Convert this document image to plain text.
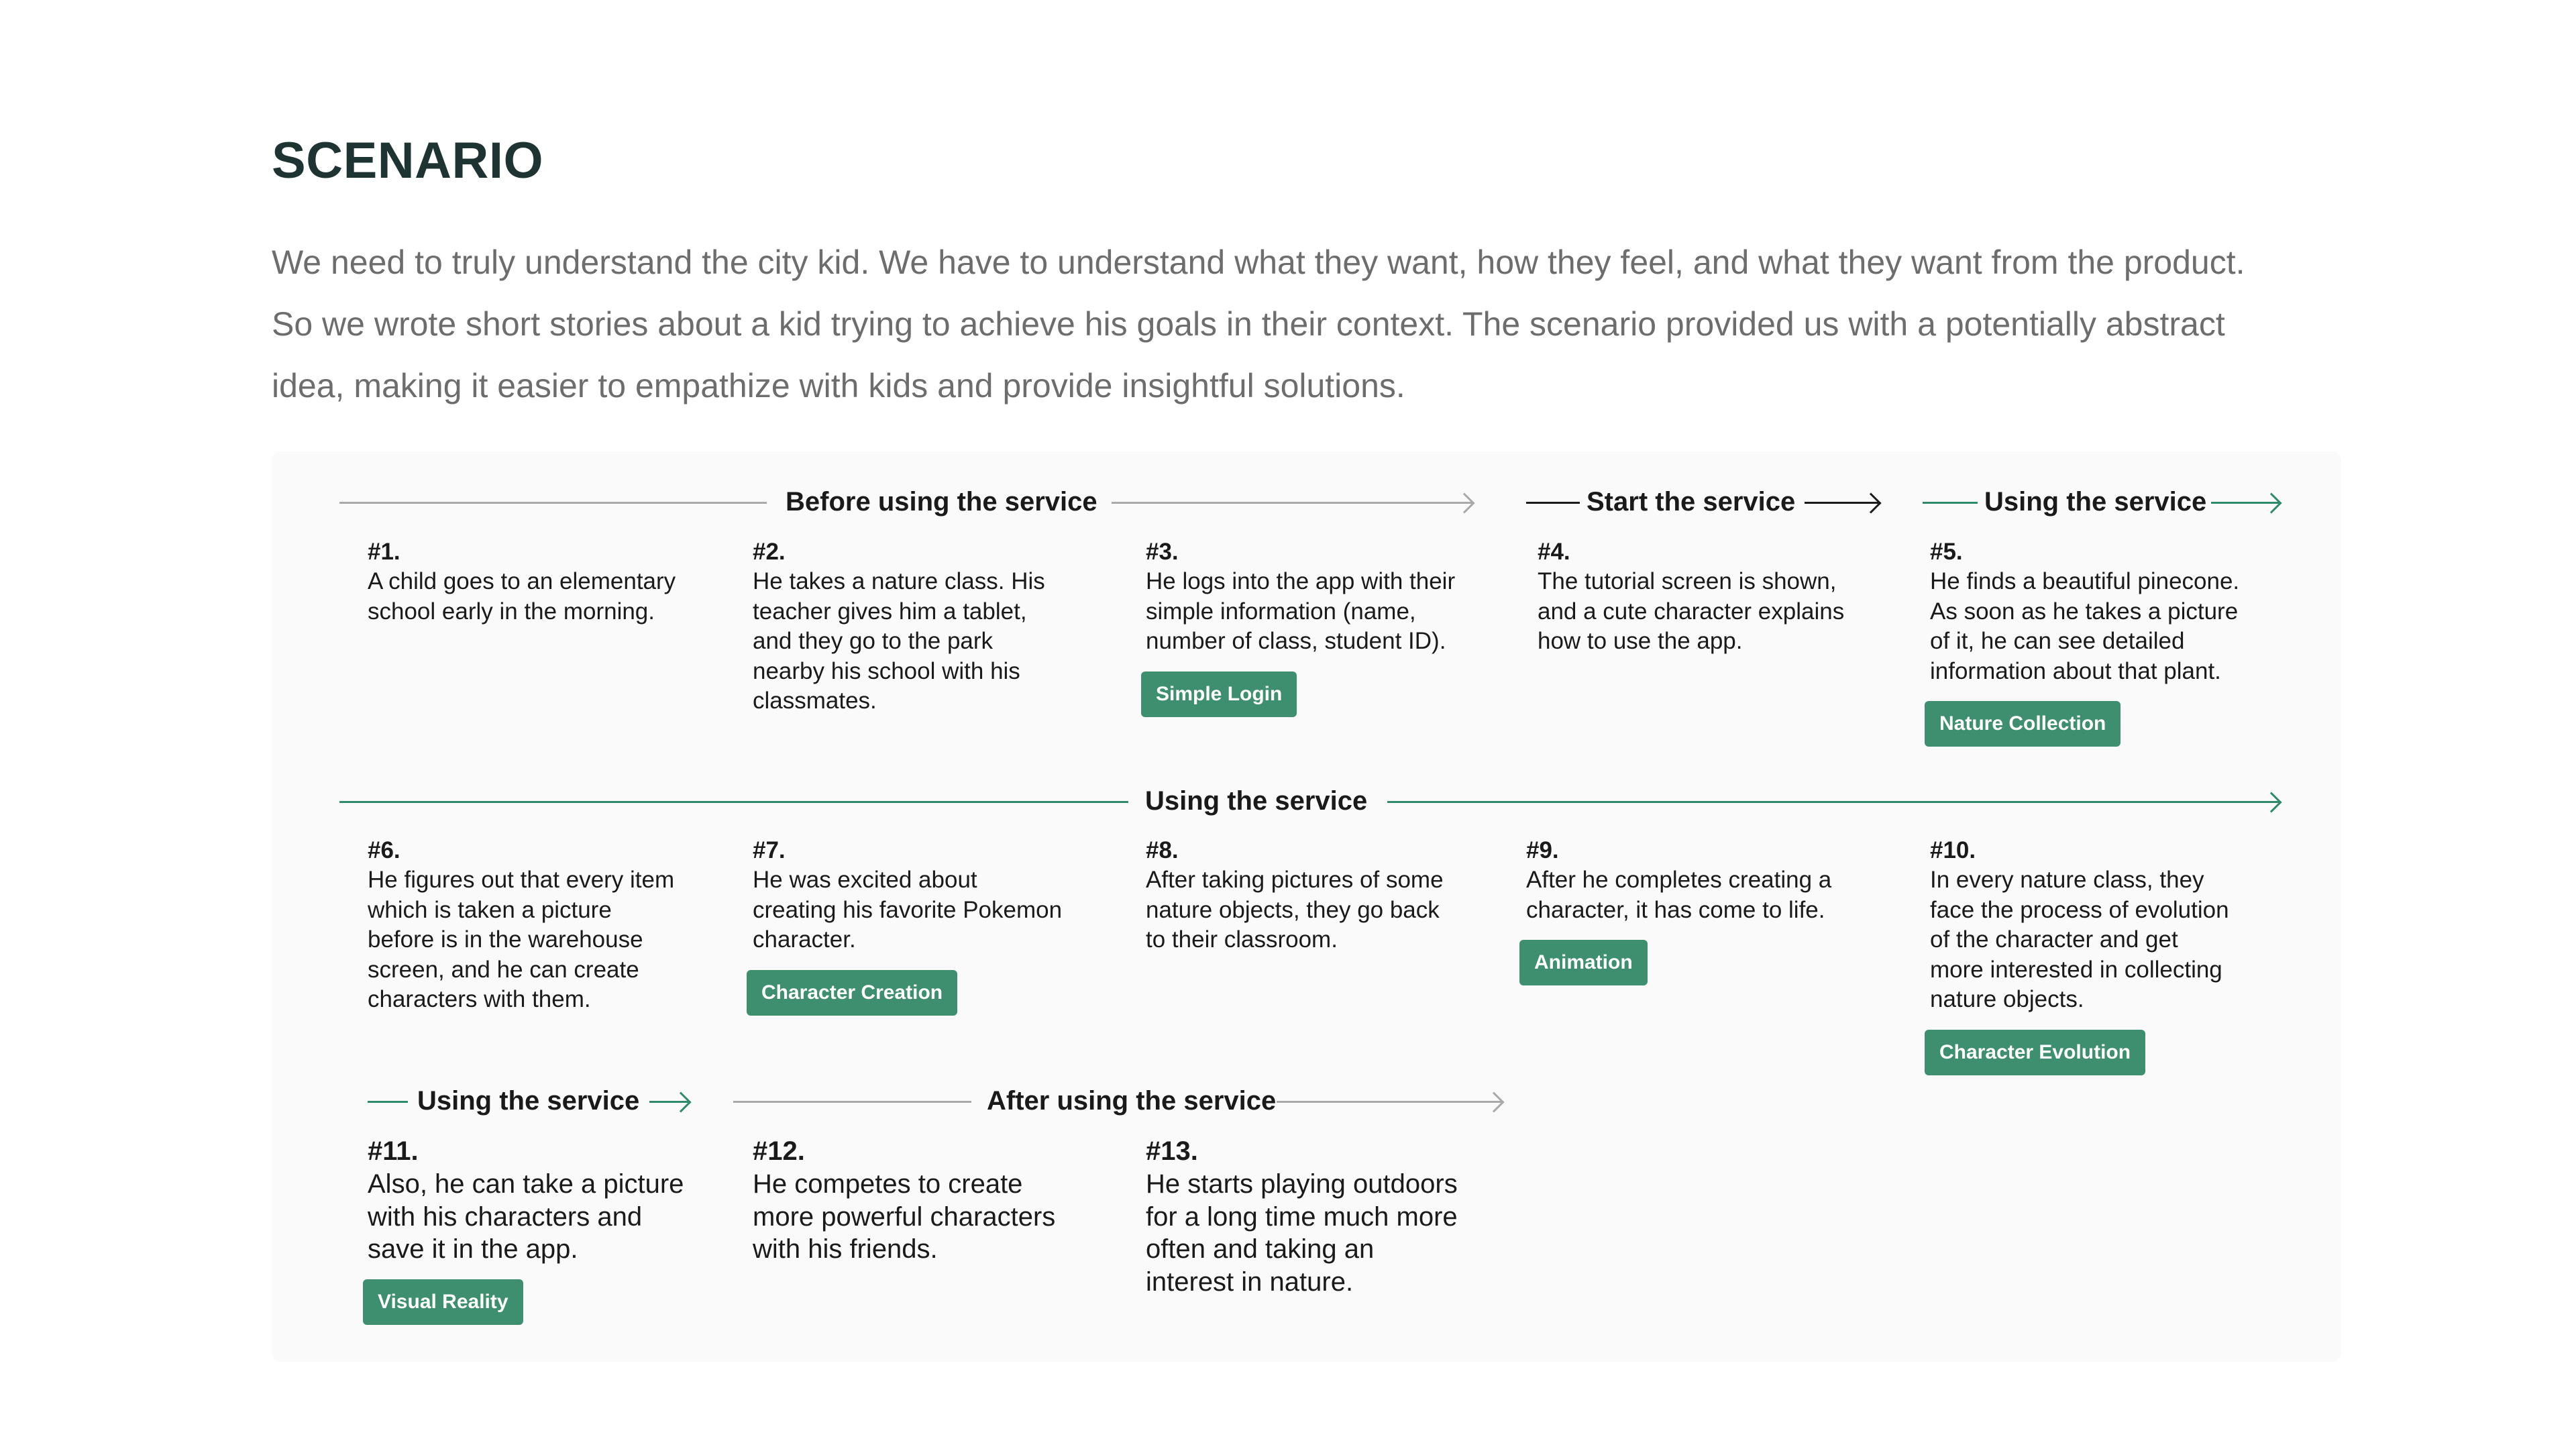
SCENARIO

We need to truly understand the city kid. We have to understand what they want, how they feel, and what they want from the product.

So we wrote short stories about a kid trying to achieve his goals in their context. The scenario provided us with a potentially abstract

idea, making it easier to empathize with kids and provide insightful solutions.

Before using the service	Start the service	Using the service
#1.
A child goes to an elementary
school early in the morning.
#2.
He takes a nature class. His
teacher gives him a tablet,
and they go to the park
nearby his school with his
classmates.
#3.
He logs into the app with their
simple information (name,
number of class, student ID).
Simple Login
#4.
The tutorial screen is shown,
and a cute character explains
how to use the app.
#5.
He finds a beautiful pinecone.
As soon as he takes a picture
of it, he can see detailed
information about that plant.
Nature Collection
Using the service
#6.
He figures out that every item
which is taken a picture
before is in the warehouse
screen, and he can create
characters with them.
#7.
He was excited about
creating his favorite Pokemon
character.
Character Creation
#8.
After taking pictures of some
nature objects, they go back
to their classroom.
#9.
After he completes creating a
character, it has come to life.
Animation
#10.
In every nature class, they
face the process of evolution
of the character and get
more interested in collecting
nature objects.
Character Evolution
Using the service	After using the service
#11.
Also, he can take a picture
with his characters and
save it in the app.
Visual Reality
#12.
He competes to create
more powerful characters
with his friends.
#13.
He starts playing outdoors
for a long time much more
often and taking an
interest in nature.
